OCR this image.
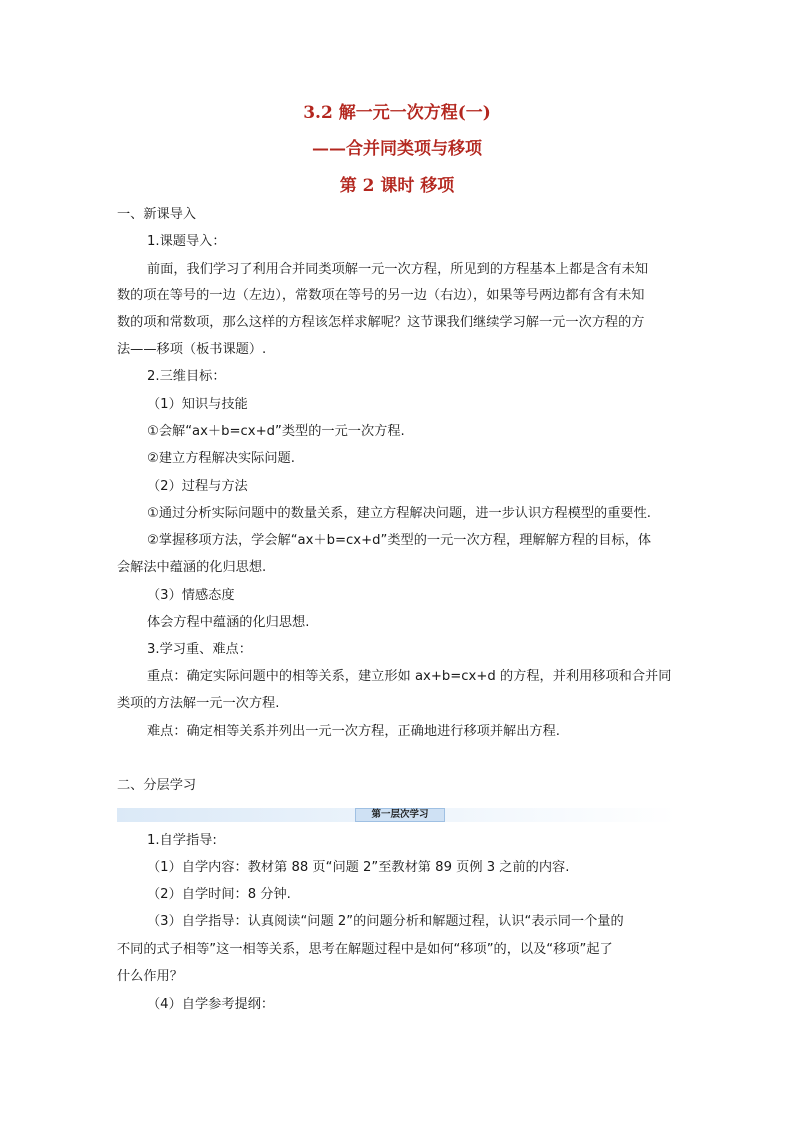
3.2 解一元一次方程(一)
——合并同类项与移项
第 2 课时 移项
一、新课导入
1.课题导入：
前面，我们学习了利用合并同类项解一元一次方程，所见到的方程基本上都是含有未知
数的项在等号的一边（左边），常数项在等号的另一边（右边），如果等号两边都有含有未知
数的项和常数项，那么这样的方程该怎样求解呢？这节课我们继续学习解一元一次方程的方
法——移项（板书课题）.
2.三维目标：
（1）知识与技能
①会解“ax＋b=cx+d”类型的一元一次方程.
②建立方程解决实际问题.
（2）过程与方法
①通过分析实际问题中的数量关系，建立方程解决问题，进一步认识方程模型的重要性.
②掌握移项方法，学会解“ax＋b=cx+d”类型的一元一次方程，理解解方程的目标，体
会解法中蕴涵的化归思想.
（3）情感态度
体会方程中蕴涵的化归思想.
3.学习重、难点：
重点：确定实际问题中的相等关系，建立形如 ax+b=cx+d 的方程，并利用移项和合并同
类项的方法解一元一次方程.
难点：确定相等关系并列出一元一次方程，正确地进行移项并解出方程.
二、分层学习
第一层次学习
1.自学指导:
（1）自学内容：教材第 88 页“问题 2”至教材第 89 页例 3 之前的内容.
（2）自学时间：8 分钟.
（3）自学指导：认真阅读“问题 2”的问题分析和解题过程，认识“表示同一个量的
不同的式子相等”这一相等关系，思考在解题过程中是如何“移项”的，以及“移项”起了
什么作用？
（4）自学参考提纲：
